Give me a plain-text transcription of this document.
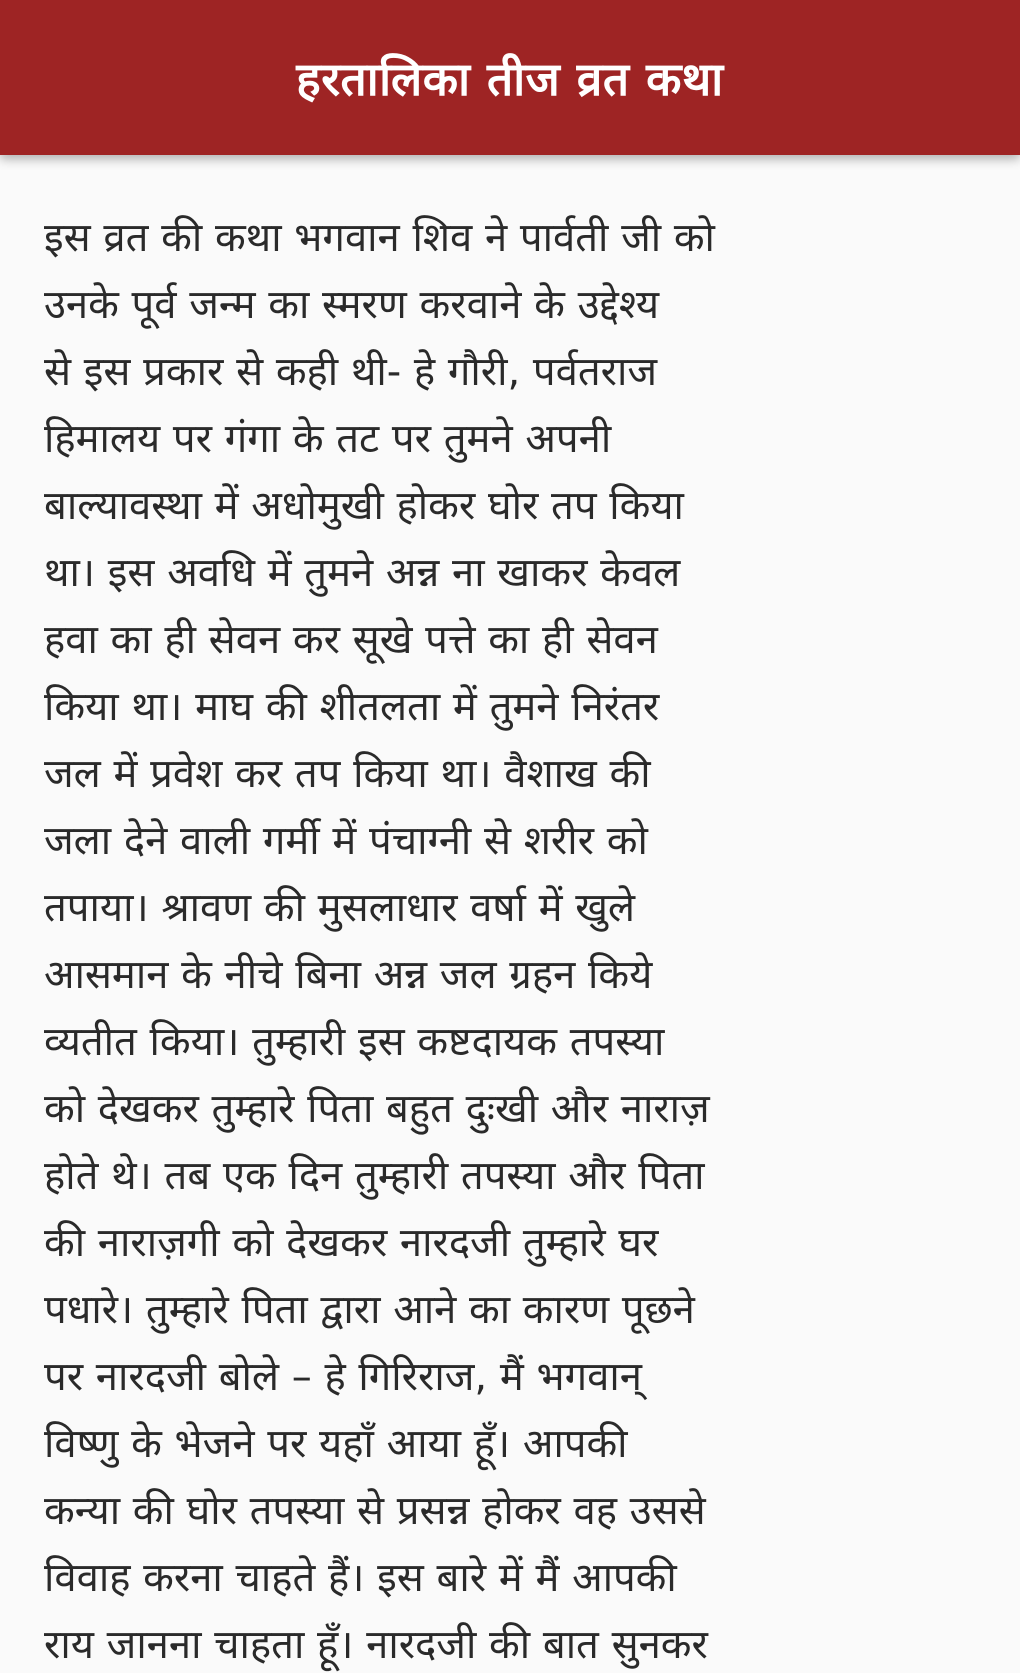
हरतालिका तीज व्रत कथा
इस व्रत की कथा भगवान शिव ने पार्वती जी को
उनके पूर्व जन्म का स्मरण करवाने के उद्देश्य
से इस प्रकार से कही थी- हे गौरी, पर्वतराज
हिमालय पर गंगा के तट पर तुमने अपनी
बाल्यावस्था में अधोमुखी होकर घोर तप किया
था। इस अवधि में तुमने अन्न ना खाकर केवल
हवा का ही सेवन कर सूखे पत्ते का ही सेवन
किया था। माघ की शीतलता में तुमने निरंतर
जल में प्रवेश कर तप किया था। वैशाख की
जला देने वाली गर्मी में पंचाग्नी से शरीर को
तपाया। श्रावण की मुसलाधार वर्षा में खुले
आसमान के नीचे बिना अन्न जल ग्रहन किये
व्यतीत किया। तुम्हारी इस कष्टदायक तपस्या
को देखकर तुम्हारे पिता बहुत दुःखी और नाराज़
होते थे। तब एक दिन तुम्हारी तपस्या और पिता
की नाराज़गी को देखकर नारदजी तुम्हारे घर
पधारे। तुम्हारे पिता द्वारा आने का कारण पूछने
पर नारदजी बोले – हे गिरिराज, मैं भगवान्
विष्णु के भेजने पर यहाँ आया हूँ। आपकी
कन्या की घोर तपस्या से प्रसन्न होकर वह उससे
विवाह करना चाहते हैं। इस बारे में मैं आपकी
राय जानना चाहता हूँ। नारदजी की बात सुनकर
